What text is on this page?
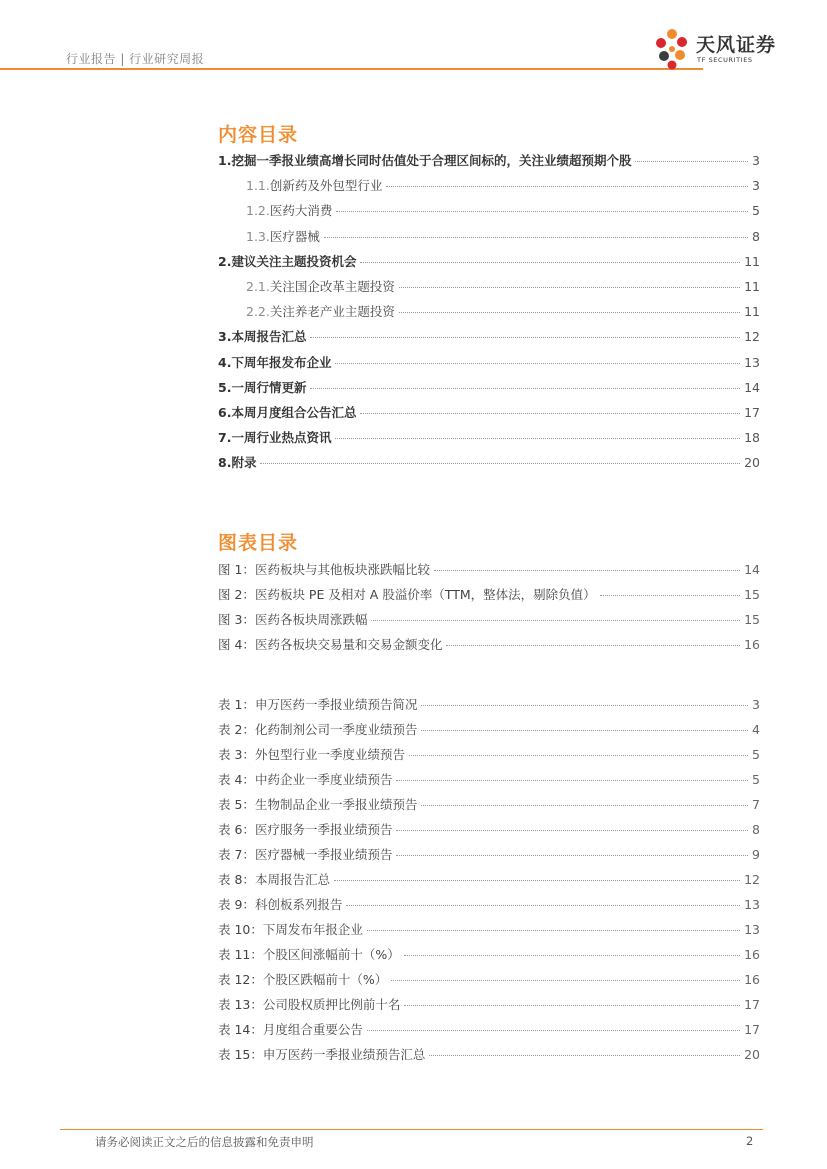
行业报告 | 行业研究周报
天风证券
TF SECURITIES
内容目录
1. 挖掘一季报业绩高增长同时估值处于合理区间标的，关注业绩超预期个股	3
1.1. 创新药及外包型行业	3
1.2. 医药大消费	5
1.3. 医疗器械	8
2. 建议关注主题投资机会	11
2.1. 关注国企改革主题投资	11
2.2. 关注养老产业主题投资	11
3. 本周报告汇总	12
4. 下周年报发布企业	13
5. 一周行情更新	14
6. 本周月度组合公告汇总	17
7. 一周行业热点资讯	18
8. 附录	20
图表目录
图 1： 医药板块与其他板块涨跌幅比较	14
图 2： 医药板块 PE 及相对 A 股溢价率（TTM，整体法，剔除负值）	15
图 3： 医药各板块周涨跌幅	15
图 4： 医药各板块交易量和交易金额变化	16
表 1： 申万医药一季报业绩预告简况	3
表 2： 化药制剂公司一季度业绩预告	4
表 3： 外包型行业一季度业绩预告	5
表 4： 中药企业一季度业绩预告	5
表 5： 生物制品企业一季报业绩预告	7
表 6： 医疗服务一季报业绩预告	8
表 7： 医疗器械一季报业绩预告	9
表 8： 本周报告汇总	12
表 9： 科创板系列报告	13
表 10： 下周发布年报企业	13
表 11： 个股区间涨幅前十（%）	16
表 12： 个股区跌幅前十（%）	16
表 13： 公司股权质押比例前十名	17
表 14： 月度组合重要公告	17
表 15： 申万医药一季报业绩预告汇总	20
请务必阅读正文之后的信息披露和免责申明	2
